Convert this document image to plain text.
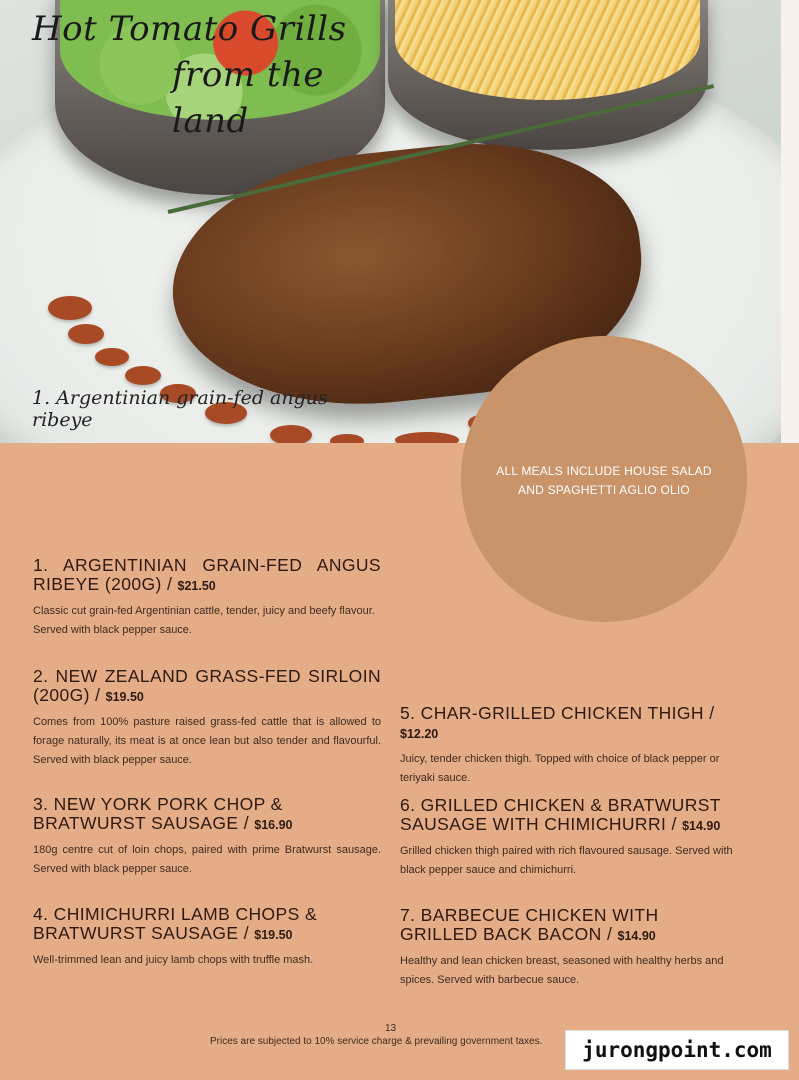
Hot Tomato Grills
from the land
1. Argentinian grain-fed angus ribeye
ALL MEALS INCLUDE HOUSE SALAD
AND SPAGHETTI AGLIO OLIO
1. ARGENTINIAN GRAIN-FED ANGUS RIBEYE (200G) / $21.50
Classic cut grain-fed Argentinian cattle, tender, juicy and beefy flavour. Served with black pepper sauce.
2. NEW ZEALAND GRASS-FED SIRLOIN (200G) / $19.50
Comes from 100% pasture raised grass-fed cattle that is allowed to forage naturally, its meat is at once lean but also tender and flavourful. Served with black pepper sauce.
3. NEW YORK PORK CHOP & BRATWURST SAUSAGE / $16.90
180g centre cut of loin chops, paired with prime Bratwurst sausage. Served with black pepper sauce.
4. CHIMICHURRI LAMB CHOPS & BRATWURST SAUSAGE / $19.50
Well-trimmed lean and juicy lamb chops with truffle mash.
5. CHAR-GRILLED CHICKEN THIGH / $12.20
Juicy, tender chicken thigh. Topped with choice of black pepper or teriyaki sauce.
6. GRILLED CHICKEN & BRATWURST SAUSAGE WITH CHIMICHURRI / $14.90
Grilled chicken thigh paired with rich flavoured sausage. Served with black pepper sauce and chimichurri.
7. BARBECUE CHICKEN WITH GRILLED BACK BACON / $14.90
Healthy and lean chicken breast, seasoned with healthy herbs and spices. Served with barbecue sauce.
13
Prices are subjected to 10% service charge & prevailing government taxes.	jurongpoint.com
